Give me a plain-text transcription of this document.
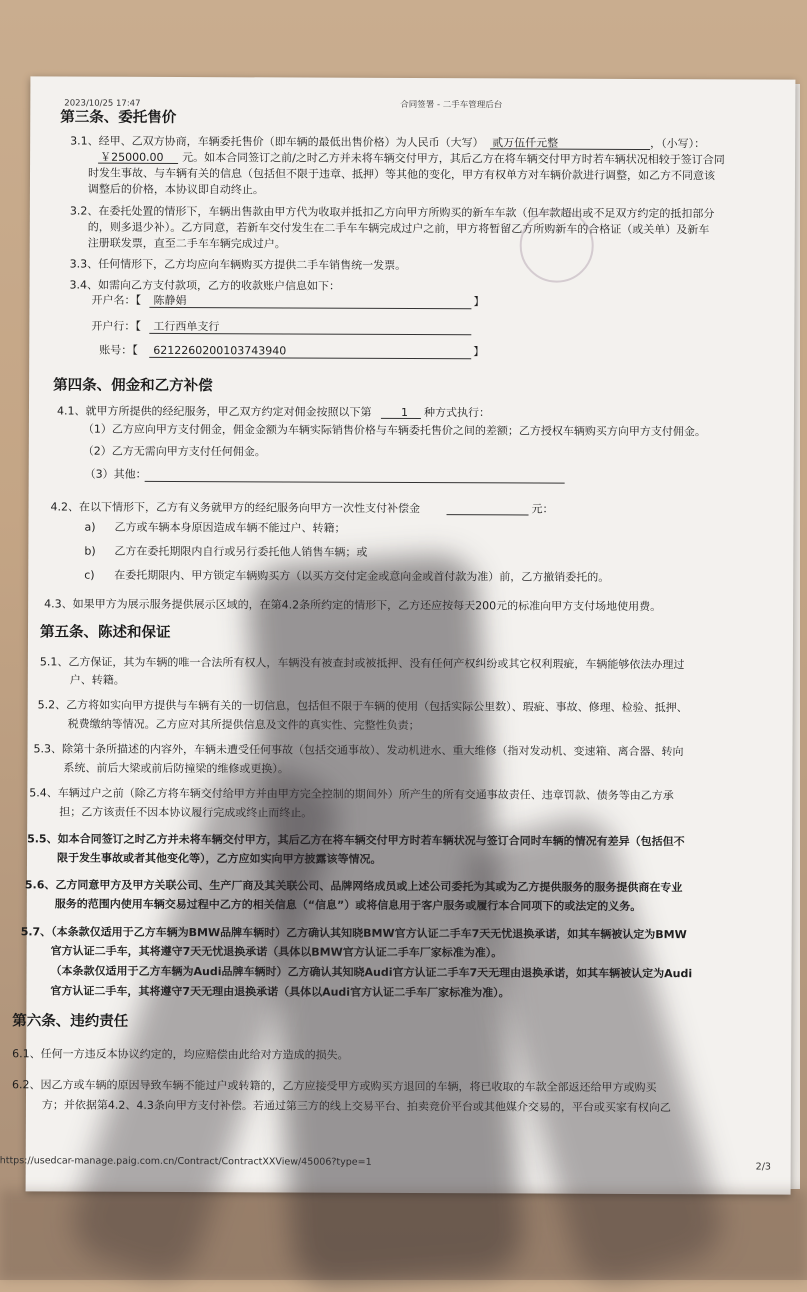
2023/10/25 17:47	合同签署 - 二手车管理后台
第三条、委托售价
3.1、经甲、乙双方协商，车辆委托售价（即车辆的最低出售价格）为人民币（大写） 贰万伍仟元整	，（小写）：
￥25000.00 元。如本合同签订之前/之时乙方并未将车辆交付甲方，其后乙方在将车辆交付甲方时若车辆状况相较于签订合同
时发生事故、与车辆有关的信息（包括但不限于违章、抵押）等其他的变化，甲方有权单方对车辆价款进行调整，如乙方不同意该
调整后的价格，本协议即自动终止。
3.2、在委托处置的情形下，车辆出售款由甲方代为收取并抵扣乙方向甲方所购买的新车车款（但车款超出或不足双方约定的抵扣部分
的，则多退少补）。乙方同意，若新车交付发生在二手车车辆完成过户之前，甲方将暂留乙方所购新车的合格证（或关单）及新车
注册联发票，直至二手车车辆完成过户。
3.3、任何情形下，乙方均应向车辆购买方提供二手车销售统一发票。
3.4、如需向乙方支付款项，乙方的收款账户信息如下：
开户名：【 陈静娟	】
开户行：【 工行西单支行
账号：【 6212260200103743940	】
第四条、佣金和乙方补偿
4.1、就甲方所提供的经纪服务，甲乙双方约定对佣金按照以下第	1 种方式执行：
（1）乙方应向甲方支付佣金，佣金金额为车辆实际销售价格与车辆委托售价之间的差额；乙方授权车辆购买方向甲方支付佣金。
（2）乙方无需向甲方支付任何佣金。
（3）其他：
4.2、在以下情形下，乙方有义务就甲方的经纪服务向甲方一次性支付补偿金	元：
a) 乙方或车辆本身原因造成车辆不能过户、转籍；
b) 乙方在委托期限内自行或另行委托他人销售车辆；或
c) 在委托期限内、甲方锁定车辆购买方（以买方交付定金或意向金或首付款为准）前，乙方撤销委托的。
4.3、如果甲方为展示服务提供展示区域的，在第4.2条所约定的情形下，乙方还应按每天200元的标准向甲方支付场地使用费。
第五条、陈述和保证
5.1、乙方保证，其为车辆的唯一合法所有权人，车辆没有被查封或被抵押、没有任何产权纠纷或其它权利瑕疵，车辆能够依法办理过
户、转籍。
5.2、乙方将如实向甲方提供与车辆有关的一切信息，包括但不限于车辆的使用（包括实际公里数）、瑕疵、事故、修理、检验、抵押、
税费缴纳等情况。乙方应对其所提供信息及文件的真实性、完整性负责；
5.3、除第十条所描述的内容外，车辆未遭受任何事故（包括交通事故）、发动机进水、重大维修（指对发动机、变速箱、离合器、转向
系统、前后大梁或前后防撞梁的维修或更换）。
5.4、车辆过户之前（除乙方将车辆交付给甲方并由甲方完全控制的期间外）所产生的所有交通事故责任、违章罚款、债务等由乙方承
担；乙方该责任不因本协议履行完成或终止而终止。
5.5、如本合同签订之时乙方并未将车辆交付甲方，其后乙方在将车辆交付甲方时若车辆状况与签订合同时车辆的情况有差异（包括但不
限于发生事故或者其他变化等），乙方应如实向甲方披露该等情况。
5.6、乙方同意甲方及甲方关联公司、生产厂商及其关联公司、品牌网络成员或上述公司委托为其或为乙方提供服务的服务提供商在专业
服务的范围内使用车辆交易过程中乙方的相关信息（“信息”）或将信息用于客户服务或履行本合同项下的或法定的义务。
5.7、（本条款仅适用于乙方车辆为BMW品牌车辆时）乙方确认其知晓BMW官方认证二手车7天无忧退换承诺，如其车辆被认定为BMW
官方认证二手车，其将遵守7天无忧退换承诺（具体以BMW官方认证二手车厂家标准为准）。
（本条款仅适用于乙方车辆为Audi品牌车辆时）乙方确认其知晓Audi官方认证二手车7天无理由退换承诺，如其车辆被认定为Audi
官方认证二手车，其将遵守7天无理由退换承诺（具体以Audi官方认证二手车厂家标准为准）。
第六条、违约责任
6.1、任何一方违反本协议约定的，均应赔偿由此给对方造成的损失。
6.2、因乙方或车辆的原因导致车辆不能过户或转籍的，乙方应接受甲方或购买方退回的车辆，将已收取的车款全部返还给甲方或购买
方；并依据第4.2、4.3条向甲方支付补偿。若通过第三方的线上交易平台、拍卖竞价平台或其他媒介交易的，平台或买家有权向乙
https://usedcar-manage.paig.com.cn/Contract/ContractXXView/45006?type=1	2/3
